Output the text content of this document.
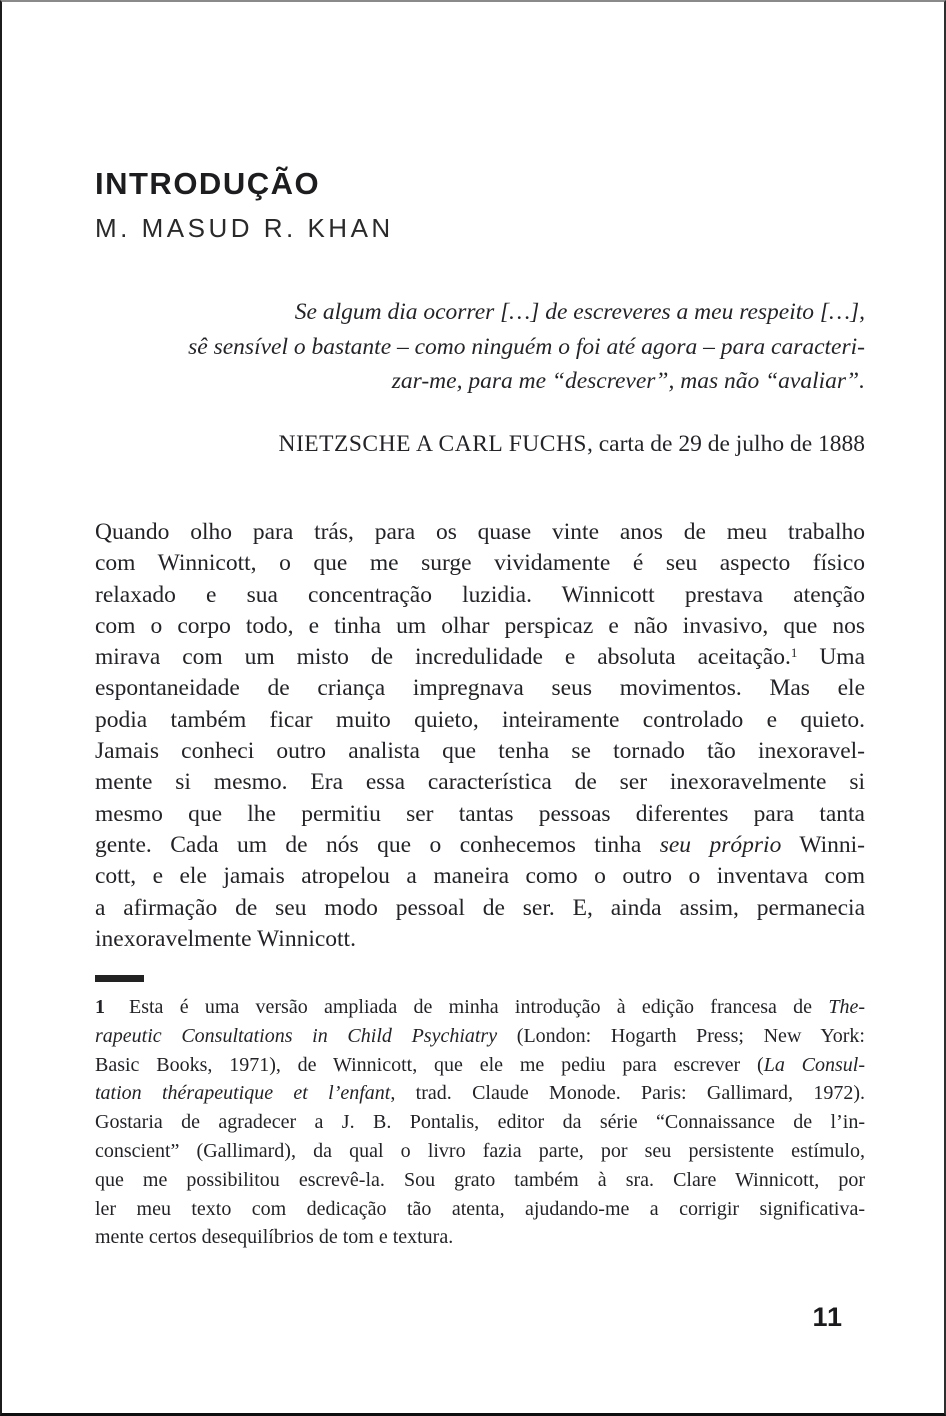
INTRODUÇÃO
M. MASUD R. KHAN
Se algum dia ocorrer […] de escreveres a meu respeito […],
sê sensível o bastante – como ninguém o foi até agora – para caracteri-
zar-me, para me “descrever”, mas não “avaliar”.
NIETZSCHE A CARL FUCHS, carta de 29 de julho de 1888
Quando olho para trás, para os quase vinte anos de meu trabalho
com Winnicott, o que me surge vividamente é seu aspecto físico
relaxado e sua concentração luzidia. Winnicott prestava atenção
com o corpo todo, e tinha um olhar perspicaz e não invasivo, que nos
mirava com um misto de incredulidade e absoluta aceitação.$^1$ Uma
espontaneidade de criança impregnava seus movimentos. Mas ele
podia também ficar muito quieto, inteiramente controlado e quieto.
Jamais conheci outro analista que tenha se tornado tão inexoravel-
mente si mesmo. Era essa característica de ser inexoravelmente si
mesmo que lhe permitiu ser tantas pessoas diferentes para tanta
gente. Cada um de nós que o conhecemos tinha seu próprio Winni-
cott, e ele jamais atropelou a maneira como o outro o inventava com
a afirmação de seu modo pessoal de ser. E, ainda assim, permanecia
inexoravelmente Winnicott.
1 Esta é uma versão ampliada de minha introdução à edição francesa de The-
rapeutic Consultations in Child Psychiatry (London: Hogarth Press; New York:
Basic Books, 1971), de Winnicott, que ele me pediu para escrever (La Consul-
tation thérapeutique et l’enfant, trad. Claude Monode. Paris: Gallimard, 1972).
Gostaria de agradecer a J. B. Pontalis, editor da série “Connaissance de l’in-
conscient” (Gallimard), da qual o livro fazia parte, por seu persistente estímulo,
que me possibilitou escrevê-la. Sou grato também à sra. Clare Winnicott, por
ler meu texto com dedicação tão atenta, ajudando-me a corrigir significativa-
mente certos desequilíbrios de tom e textura.
11
